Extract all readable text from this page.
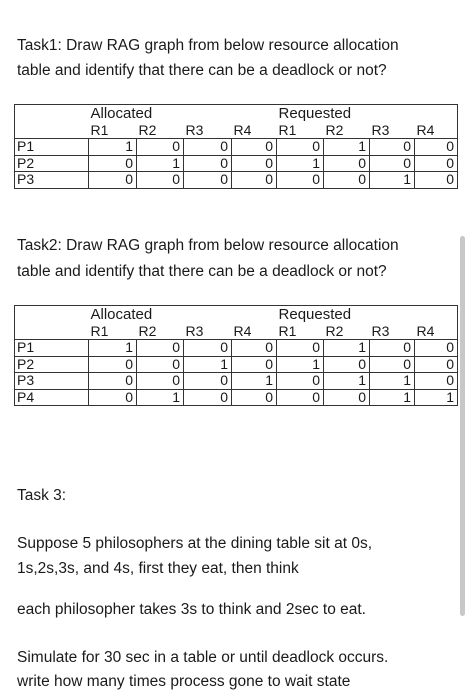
Task1: Draw RAG graph from below resource allocation

table and identify that there can be a deadlock or not?

	Allocated				Requested			
	R1	R2	R3	R4	R1	R2	R3	R4
P1	1	0	0	0	0	1	0	0
P2	0	1	0	0	1	0	0	0
P3	0	0	0	0	0	0	1	0

Task2: Draw RAG graph from below resource allocation

table and identify that there can be a deadlock or not?

	Allocated				Requested			
	R1	R2	R3	R4	R1	R2	R3	R4
P1	1	0	0	0	0	1	0	0
P2	0	0	1	0	1	0	0	0
P3	0	0	0	1	0	1	1	0
P4	0	1	0	0	0	0	1	1

Task 3:

Suppose 5 philosophers at the dining table sit at 0s,

1s,2s,3s, and 4s, first they eat, then think

each philosopher takes 3s to think and 2sec to eat.

Simulate for 30 sec in a table or until deadlock occurs.

write how many times process gone to wait state
